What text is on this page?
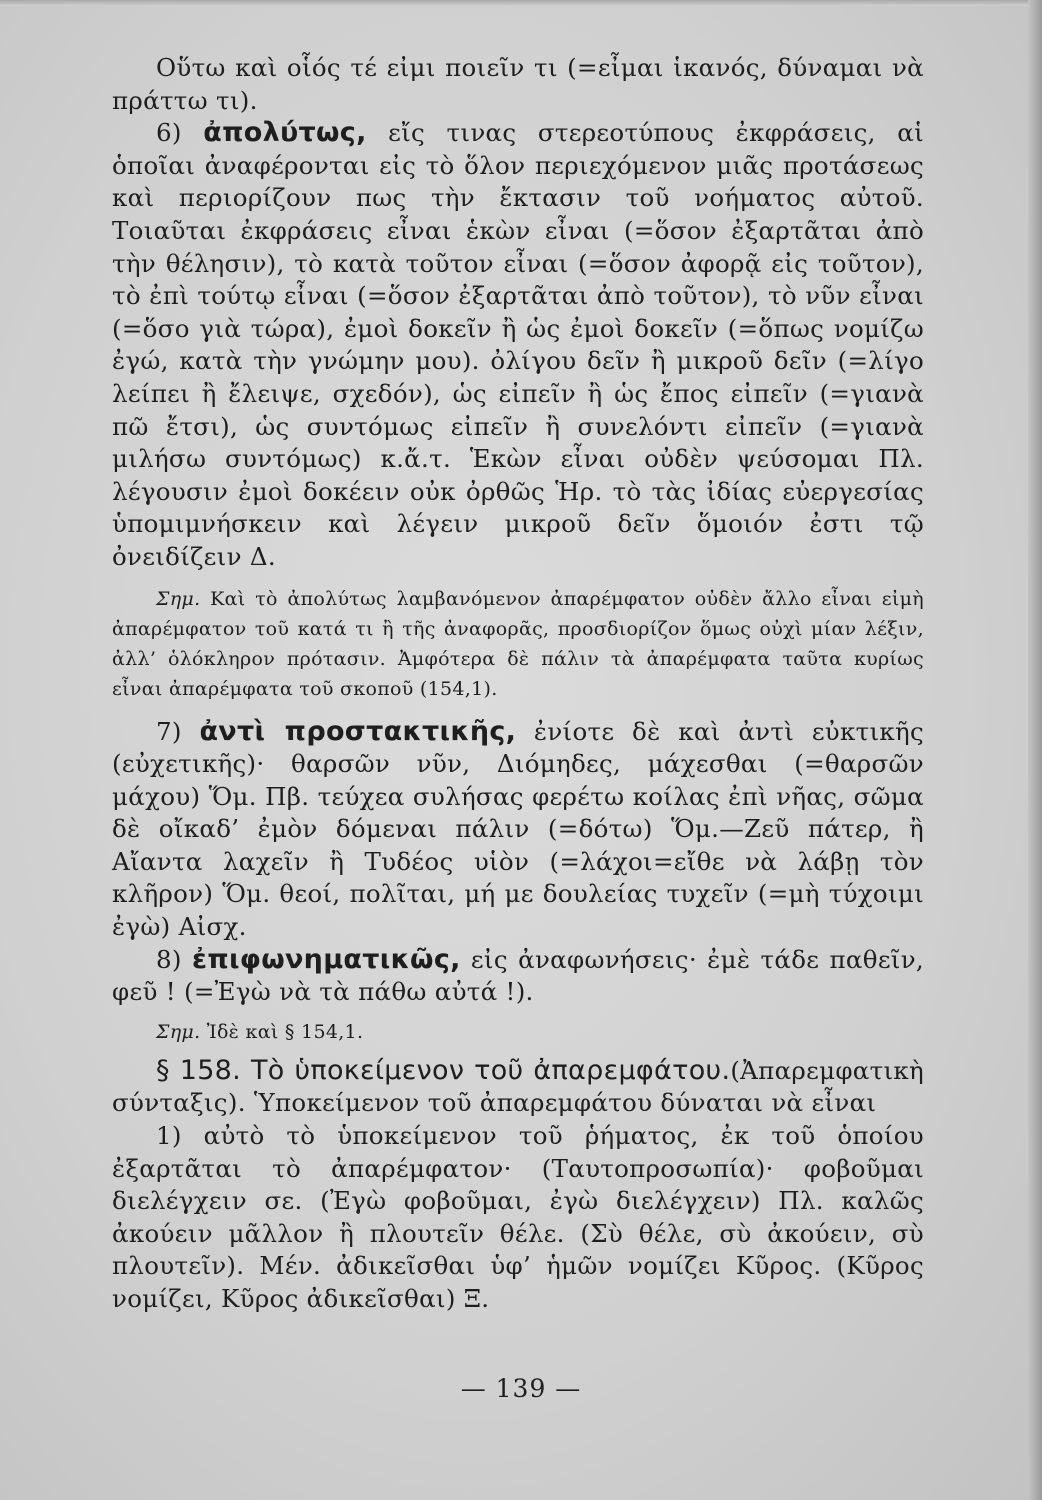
Οὕτω καὶ οἷός τέ εἰμι ποιεῖν τι (=εἶμαι ἱκανός, δύναμαι νὰ πράττω τι).

6) ἀπολύτως, εἴς τινας στερεοτύπους ἐκφράσεις, αἱ ὁποῖαι ἀναφέρονται εἰς τὸ ὅλον περιεχόμενον μιᾶς προτάσεως καὶ περιορίζουν πως τὴν ἔκτασιν τοῦ νοήματος αὐτοῦ. Τοιαῦται ἐκφράσεις εἶναι ἑκὼν εἶναι (=ὅσον ἐξαρτᾶται ἀπὸ τὴν θέλησιν), τὸ κατὰ τοῦτον εἶναι (=ὅσον ἀφορᾷ εἰς τοῦτον), τὸ ἐπὶ τούτῳ εἶναι (=ὅσον ἐξαρτᾶται ἀπὸ τοῦτον), τὸ νῦν εἶναι (=ὅσο γιὰ τώρα), ἐμοὶ δοκεῖν ἢ ὡς ἐμοὶ δοκεῖν (=ὅπως νομίζω ἐγώ, κατὰ τὴν γνώμην μου). ὀλίγου δεῖν ἢ μικροῦ δεῖν (=λίγο λείπει ἢ ἔλειψε, σχεδόν), ὡς εἰπεῖν ἢ ὡς ἔπος εἰπεῖν (=γιανὰ πῶ ἔτσι), ὡς συντόμως εἰπεῖν ἢ συνελόντι εἰπεῖν (=γιανὰ μιλήσω συντόμως) κ.ἄ.τ. Ἑκὼν εἶναι οὐδὲν ψεύσομαι Πλ. λέγουσιν ἐμοὶ δοκέειν οὐκ ὀρθῶς Ἡρ. τὸ τὰς ἰδίας εὐεργεσίας ὑπομιμνήσκειν καὶ λέγειν μικροῦ δεῖν ὅμοιόν ἐστι τῷ ὀνειδίζειν Δ.

Σημ. Καὶ τὸ ἀπολύτως λαμβανόμενον ἀπαρέμφατον οὐδὲν ἄλλο εἶναι εἰμὴ ἀπαρέμφατον τοῦ κατά τι ἢ τῆς ἀναφορᾶς, προσδιορίζον ὅμως οὐχὶ μίαν λέξιν, ἀλλ’ ὁλόκληρον πρότασιν. Ἀμφότερα δὲ πάλιν τὰ ἀπαρέμφατα ταῦτα κυρίως εἶναι ἀπαρέμφατα τοῦ σκοποῦ (154,1).

7) ἀντὶ προστακτικῆς, ἐνίοτε δὲ καὶ ἀντὶ εὐκτικῆς (εὐχετικῆς)· θαρσῶν νῦν, Διόμηδες, μάχεσθαι (=θαρσῶν μάχου) Ὅμ. Πβ. τεύχεα συλήσας φερέτω κοίλας ἐπὶ νῆας, σῶμα δὲ οἴκαδ’ ἐμὸν δόμεναι πάλιν (=δότω) Ὅμ.—Ζεῦ πάτερ, ἢ Αἴαντα λαχεῖν ἢ Τυδέος υἱὸν (=λάχοι=εἴθε νὰ λάβῃ τὸν κλῆρον) Ὅμ. θεοί, πολῖται, μή με δουλείας τυχεῖν (=μὴ τύχοιμι ἐγὼ) Αἰσχ.

8) ἐπιφωνηματικῶς, εἰς ἀναφωνήσεις· ἐμὲ τάδε παθεῖν, φεῦ ! (=Ἐγὼ νὰ τὰ πάθω αὐτά !).

Σημ. Ἰδὲ καὶ § 154,1.

§ 158. Τὸ ὑποκείμενον τοῦ ἀπαρεμφάτου.(Ἀπαρεμφατικὴ σύνταξις). Ὑποκείμενον τοῦ ἀπαρεμφάτου δύναται νὰ εἶναι

1) αὐτὸ τὸ ὑποκείμενον τοῦ ῥήματος, ἐκ τοῦ ὁποίου ἐξαρτᾶται τὸ ἀπαρέμφατον· (Ταυτοπροσωπία)· φοβοῦμαι διελέγχειν σε. (Ἐγὼ φοβοῦμαι, ἐγὼ διελέγχειν) Πλ. καλῶς ἀκούειν μᾶλλον ἢ πλουτεῖν θέλε. (Σὺ θέλε, σὺ ἀκούειν, σὺ πλουτεῖν). Μέν. ἀδικεῖσθαι ὑφ’ ἡμῶν νομίζει Κῦρος. (Κῦρος νομίζει, Κῦρος ἀδικεῖσθαι) Ξ.

— 139 —
